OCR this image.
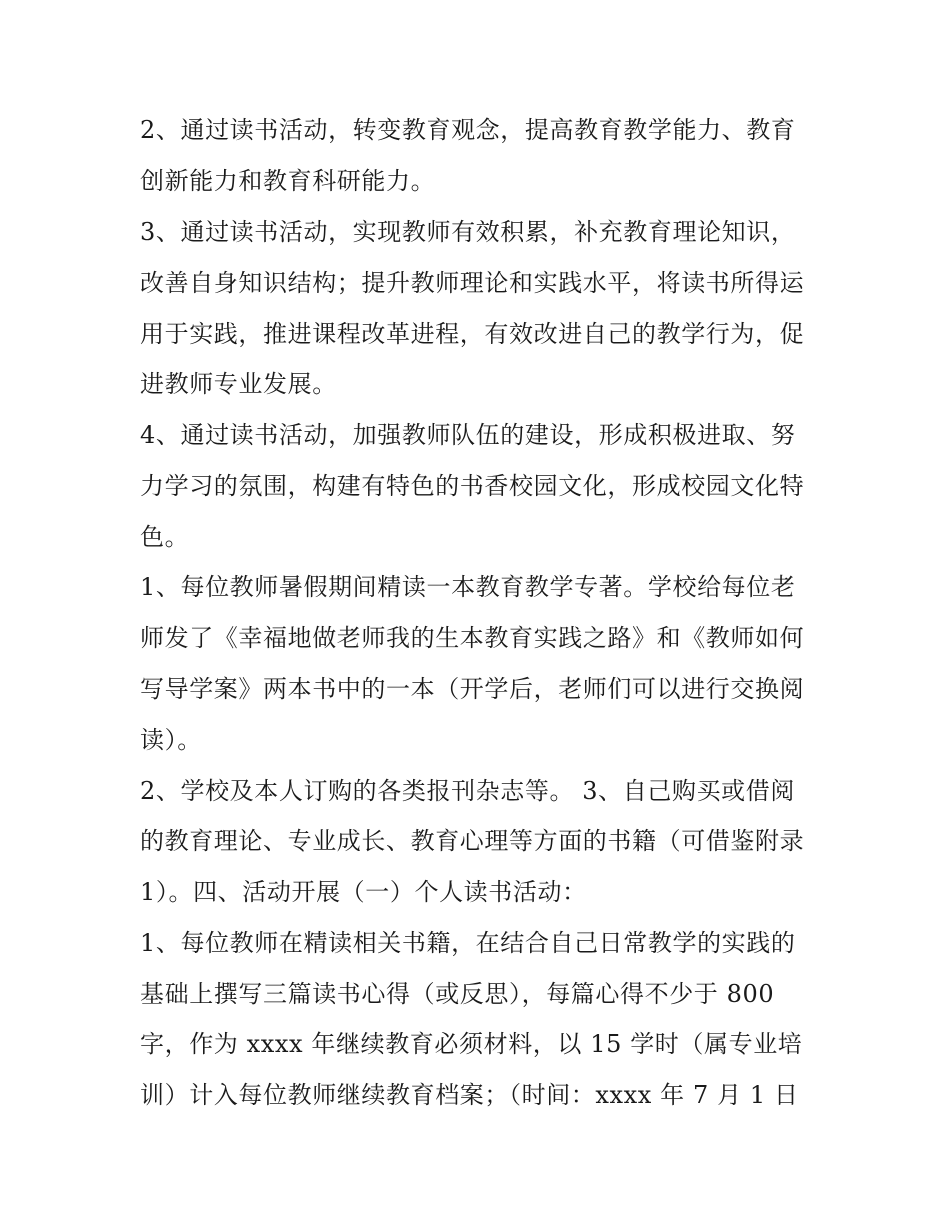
2、通过读书活动，转变教育观念，提高教育教学能力、教育
创新能力和教育科研能力。
3、通过读书活动，实现教师有效积累，补充教育理论知识，
改善自身知识结构；提升教师理论和实践水平，将读书所得运
用于实践，推进课程改革进程，有效改进自己的教学行为，促
进教师专业发展。
4、通过读书活动，加强教师队伍的建设，形成积极进取、努
力学习的氛围，构建有特色的书香校园文化，形成校园文化特
色。
1、每位教师暑假期间精读一本教育教学专著。学校给每位老
师发了《幸福地做老师我的生本教育实践之路》和《教师如何
写导学案》两本书中的一本（开学后，老师们可以进行交换阅
读）。
2、学校及本人订购的各类报刊杂志等。 3、自己购买或借阅
的教育理论、专业成长、教育心理等方面的书籍（可借鉴附录
1）。四、活动开展（一）个人读书活动：
1、每位教师在精读相关书籍，在结合自己日常教学的实践的
基础上撰写三篇读书心得（或反思），每篇心得不少于 800
字，作为 xxxx 年继续教育必须材料，以 15 学时（属专业培
训）计入每位教师继续教育档案；（时间：xxxx 年 7 月 1 日
